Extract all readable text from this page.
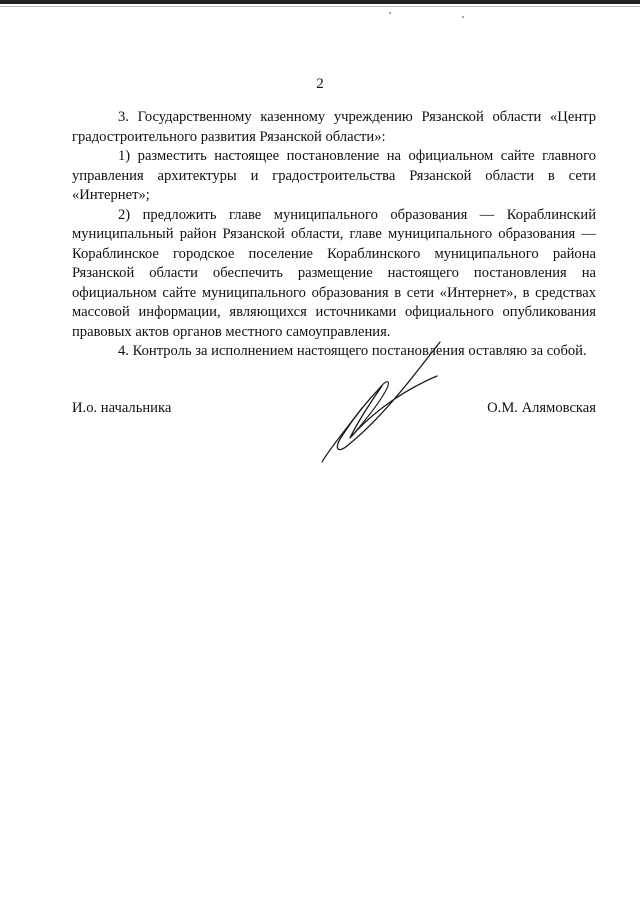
2

3. Государственному казенному учреждению Рязанской области «Центр градостроительного развития Рязанской области»:

1) разместить настоящее постановление на официальном сайте главного управления архитектуры и градостроительства Рязанской области в сети «Интернет»;

2) предложить главе муниципального образования — Кораблинский муниципальный район Рязанской области, главе муниципального образования — Кораблинское городское поселение Кораблинского муниципального района Рязанской области обеспечить размещение настоящего постановления на официальном сайте муниципального образования в сети «Интернет», в средствах массовой информации, являющихся источниками официального опубликования правовых актов органов местного самоуправления.

4. Контроль за исполнением настоящего постановления оставляю за собой.

И.о. начальника	О.М. Алямовская
